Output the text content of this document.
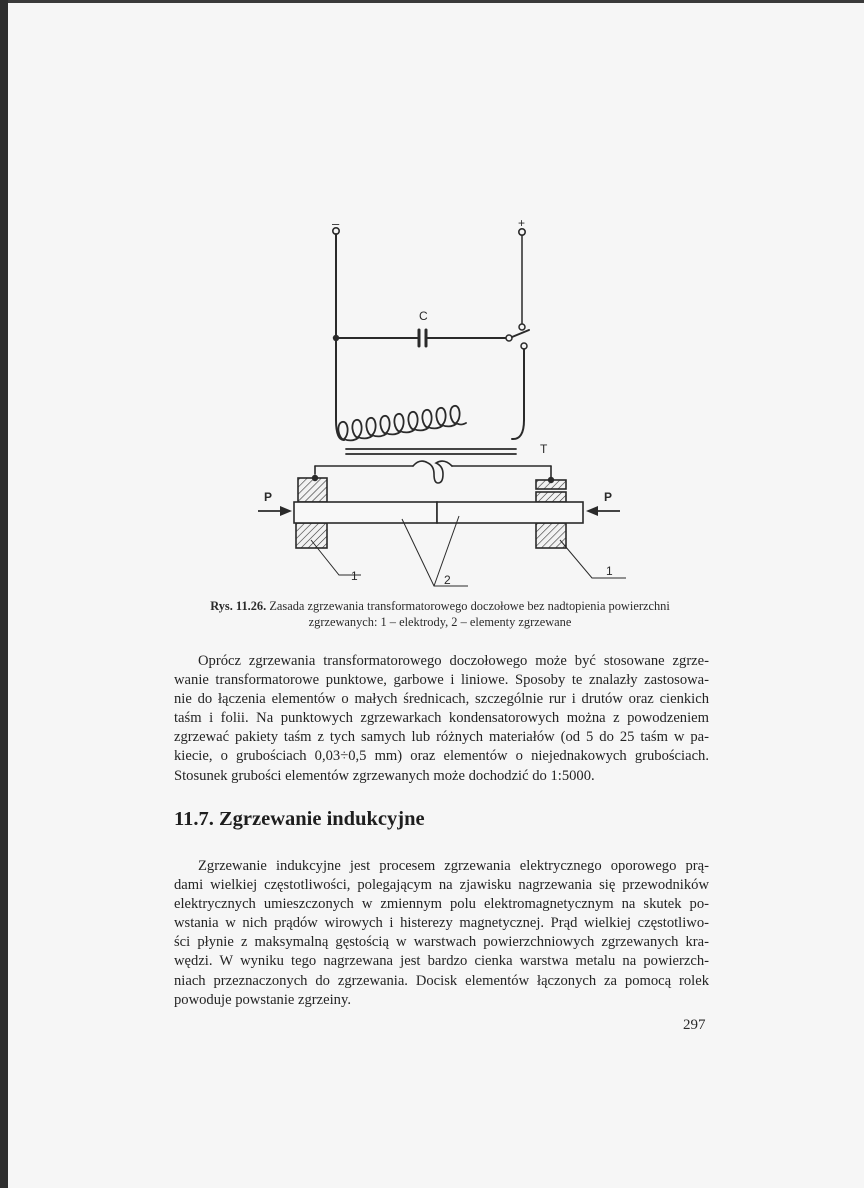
–	+
C
T
P	P
1	2
1
Rys. 11.26. Zasada zgrzewania transformatorowego doczołowe bez nadtopienia powierzchni
zgrzewanych: 1 – elektrody, 2 – elementy zgrzewane
Oprócz zgrzewania transformatorowego doczołowego może być stosowane zgrze-
wanie transformatorowe punktowe, garbowe i liniowe. Sposoby te znalazły zastosowa-
nie do łączenia elementów o małych średnicach, szczególnie rur i drutów oraz cienkich
taśm i folii. Na punktowych zgrzewarkach kondensatorowych można z powodzeniem
zgrzewać pakiety taśm z tych samych lub różnych materiałów (od 5 do 25 taśm w pa-
kiecie, o grubościach 0,03÷0,5 mm) oraz elementów o niejednakowych grubościach.
Stosunek grubości elementów zgrzewanych może dochodzić do 1:5000.
11.7. Zgrzewanie indukcyjne
Zgrzewanie indukcyjne jest procesem zgrzewania elektrycznego oporowego prą-
dami wielkiej częstotliwości, polegającym na zjawisku nagrzewania się przewodników
elektrycznych umieszczonych w zmiennym polu elektromagnetycznym na skutek po-
wstania w nich prądów wirowych i histerezy magnetycznej. Prąd wielkiej częstotliwo-
ści płynie z maksymalną gęstością w warstwach powierzchniowych zgrzewanych kra-
wędzi. W wyniku tego nagrzewana jest bardzo cienka warstwa metalu na powierzch-
niach przeznaczonych do zgrzewania. Docisk elementów łączonych za pomocą rolek
powoduje powstanie zgrzeiny.
297
